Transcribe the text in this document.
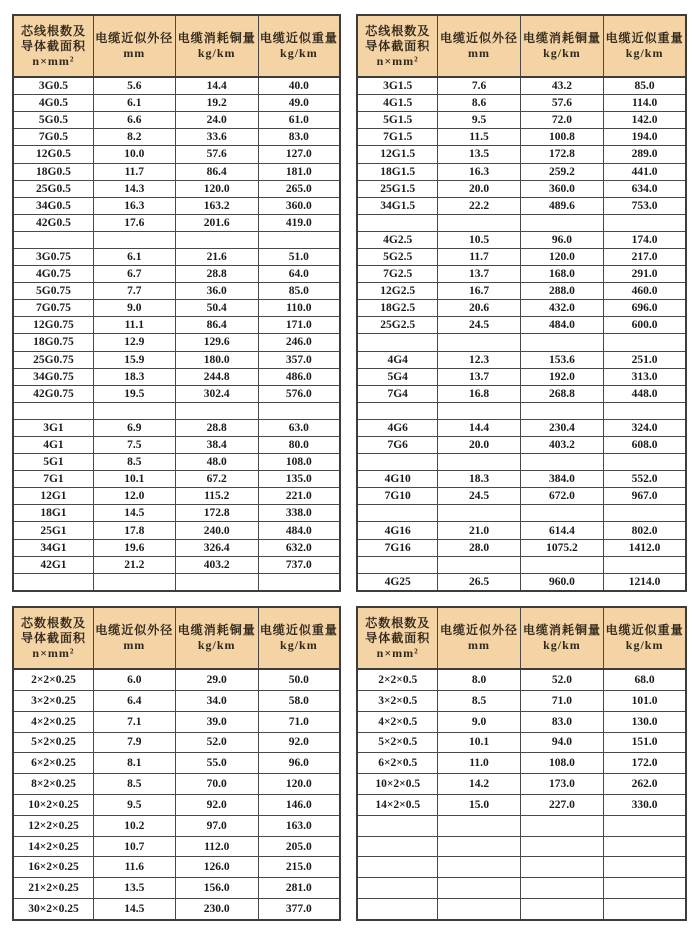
芯线根数及
导体截面积
n×mm²

电缆近似外径
mm

电缆消耗铜量
kg/km

电缆近似重量
kg/km

3G0.5	5.6	14.4	40.0
4G0.5	6.1	19.2	49.0
5G0.5	6.6	24.0	61.0
7G0.5	8.2	33.6	83.0
12G0.5	10.0	57.6	127.0
18G0.5	11.7	86.4	181.0
25G0.5	14.3	120.0	265.0
34G0.5	16.3	163.2	360.0
42G0.5	17.6	201.6	419.0

3G0.75	6.1	21.6	51.0
4G0.75	6.7	28.8	64.0
5G0.75	7.7	36.0	85.0
7G0.75	9.0	50.4	110.0
12G0.75	11.1	86.4	171.0
18G0.75	12.9	129.6	246.0
25G0.75	15.9	180.0	357.0
34G0.75	18.3	244.8	486.0
42G0.75	19.5	302.4	576.0

3G1	6.9	28.8	63.0
4G1	7.5	38.4	80.0
5G1	8.5	48.0	108.0
7G1	10.1	67.2	135.0
12G1	12.0	115.2	221.0
18G1	14.5	172.8	338.0
25G1	17.8	240.0	484.0
34G1	19.6	326.4	632.0
42G1	21.2	403.2	737.0

芯线根数及
导体截面积
n×mm²

电缆近似外径
mm

电缆消耗铜量
kg/km

电缆近似重量
kg/km

3G1.5	7.6	43.2	85.0
4G1.5	8.6	57.6	114.0
5G1.5	9.5	72.0	142.0
7G1.5	11.5	100.8	194.0
12G1.5	13.5	172.8	289.0
18G1.5	16.3	259.2	441.0
25G1.5	20.0	360.0	634.0
34G1.5	22.2	489.6	753.0

4G2.5	10.5	96.0	174.0
5G2.5	11.7	120.0	217.0
7G2.5	13.7	168.0	291.0
12G2.5	16.7	288.0	460.0
18G2.5	20.6	432.0	696.0
25G2.5	24.5	484.0	600.0

4G4	12.3	153.6	251.0
5G4	13.7	192.0	313.0
7G4	16.8	268.8	448.0

4G6	14.4	230.4	324.0
7G6	20.0	403.2	608.0

4G10	18.3	384.0	552.0
7G10	24.5	672.0	967.0

4G16	21.0	614.4	802.0
7G16	28.0	1075.2	1412.0

4G25	26.5	960.0	1214.0
芯数根数及
导体截面积
n×mm²

电缆近似外径
mm

电缆消耗铜量
kg/km

电缆近似重量
kg/km

2×2×0.25	6.0	29.0	50.0
3×2×0.25	6.4	34.0	58.0
4×2×0.25	7.1	39.0	71.0
5×2×0.25	7.9	52.0	92.0
6×2×0.25	8.1	55.0	96.0
8×2×0.25	8.5	70.0	120.0
10×2×0.25	9.5	92.0	146.0
12×2×0.25	10.2	97.0	163.0
14×2×0.25	10.7	112.0	205.0
16×2×0.25	11.6	126.0	215.0
21×2×0.25	13.5	156.0	281.0
30×2×0.25	14.5	230.0	377.0
芯数根数及
导体截面积
n×mm²

电缆近似外径
mm

电缆消耗铜量
kg/km

电缆近似重量
kg/km

2×2×0.5	8.0	52.0	68.0
3×2×0.5	8.5	71.0	101.0
4×2×0.5	9.0	83.0	130.0
5×2×0.5	10.1	94.0	151.0
6×2×0.5	11.0	108.0	172.0
10×2×0.5	14.2	173.0	262.0
14×2×0.5	15.0	227.0	330.0
